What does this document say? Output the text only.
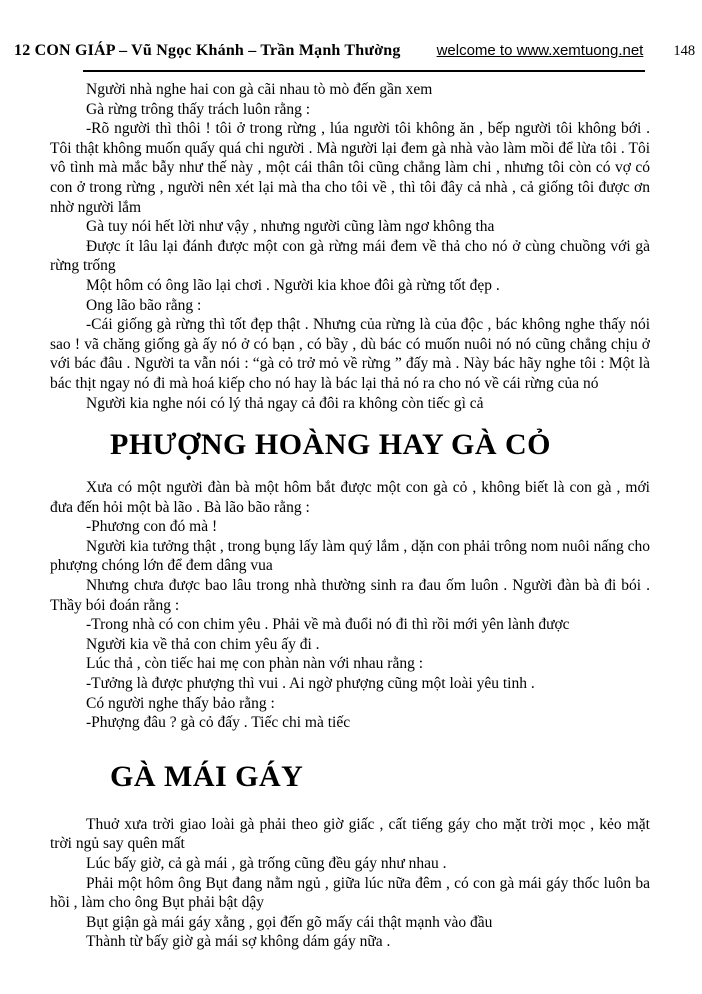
12 CON GIÁP – Vũ Ngọc Khánh – Trần Mạnh Thường welcome to www.xemtuong.net 148

Người nhà nghe hai con gà cãi nhau tò mò đến gần xem

Gà rừng trông thấy trách luôn rằng :

-Rõ người thì thôi ! tôi ở trong rừng , lúa người tôi không ăn , bếp người tôi không bới . Tôi thật không muốn quấy quá chi người . Mà người lại đem gà nhà vào làm mồi để lừa tôi . Tôi vô tình mà mắc bẫy như thế này , một cái thân tôi cũng chẳng làm chi , nhưng tôi còn có vợ có con ở trong rừng , người nên xét lại mà tha cho tôi về , thì tôi đây cả nhà , cả giống tôi được ơn nhờ người lắm

Gà tuy nói hết lời như vậy , nhưng người cũng làm ngơ không tha

Được ít lâu lại đánh được một con gà rừng mái đem về thả cho nó ở cùng chuồng với gà rừng trống

Một hôm có ông lão lại chơi . Người kia khoe đôi gà rừng tốt đẹp .

Ong lão bão rằng :

-Cái giống gà rừng thì tốt đẹp thật . Nhưng của rừng là của độc , bác không nghe thấy nói sao ! vã chăng giống gà ấy nó ở có bạn , có bầy , dù bác có muốn nuôi nó nó cũng chẳng chịu ở với bác đâu . Người ta vẫn nói : “gà cỏ trở mỏ về rừng ” đấy mà . Này bác hãy nghe tôi : Một là bác thịt ngay nó đi mà hoá kiếp cho nó hay là bác lại thả nó ra cho nó về cái rừng của nó

Người kia nghe nói có lý thả ngay cả đôi ra không còn tiếc gì cả

PHƯỢNG HOÀNG HAY GÀ CỎ

Xưa có một người đàn bà một hôm bắt được một con gà cỏ , không biết là con gà , mới đưa đến hỏi một bà lão . Bà lão bão rằng :

-Phương con đó mà !

Người kia tưởng thật , trong bụng lấy làm quý lắm , dặn con phải trông nom nuôi nấng cho phượng chóng lớn để đem dâng vua

Nhưng chưa được bao lâu trong nhà thường sinh ra đau ốm luôn . Người đàn bà đi bói . Thầy bói đoán rằng :

-Trong nhà có con chim yêu . Phải về mà đuổi nó đi thì rồi mới yên lành được

Người kia về thả con chim yêu ấy đi .

Lúc thả , còn tiếc hai mẹ con phàn nàn với nhau rằng :

-Tưởng là được phượng thì vui . Ai ngờ phượng cũng một loài yêu tinh .

Có người nghe thấy bảo rằng :

-Phượng đâu ? gà cỏ đấy . Tiếc chi mà tiếc

GÀ MÁI GÁY

Thuở xưa trời giao loài gà phải theo giờ giấc , cất tiếng gáy cho mặt trời mọc , kẻo mặt trời ngủ say quên mất

Lúc bấy giờ, cả gà mái , gà trống cũng đều gáy như nhau .

Phải một hôm ông Bụt đang nằm ngủ , giữa lúc nữa đêm , có con gà mái gáy thốc luôn ba hồi , làm cho ông Bụt phải bật dậy

Bụt giận gà mái gáy xằng , gọi đến gõ mấy cái thật mạnh vào đầu

Thành từ bấy giờ gà mái sợ không dám gáy nữa .
